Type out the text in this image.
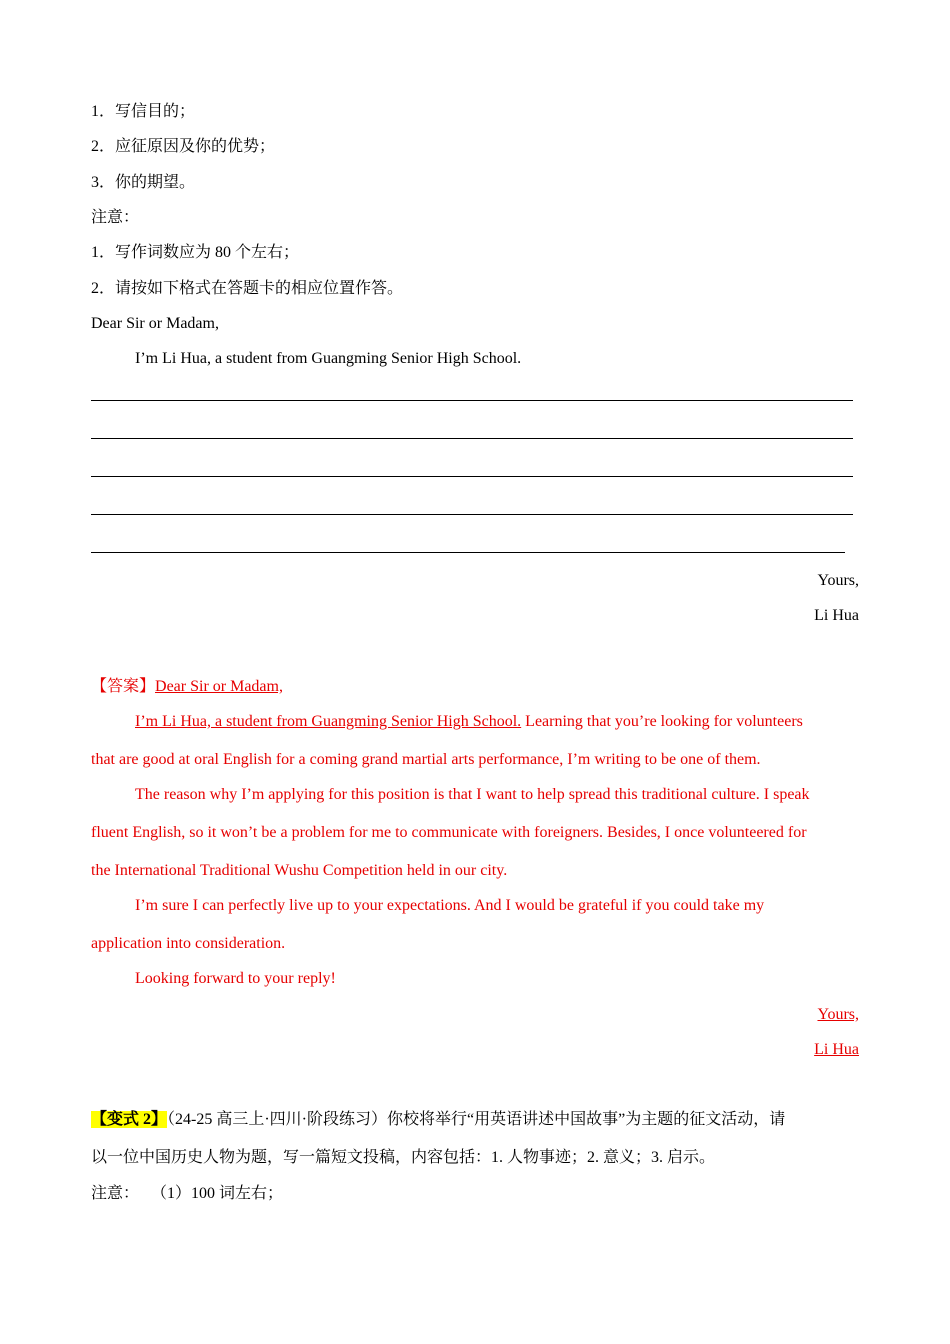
1．写信目的；
2．应征原因及你的优势；
3．你的期望。
注意：
1．写作词数应为 80 个左右；
2．请按如下格式在答题卡的相应位置作答。
Dear Sir or Madam,
I’m Li Hua, a student from Guangming Senior High School.
Yours,
Li Hua
【答案】Dear Sir or Madam,
I’m Li Hua, a student from Guangming Senior High School. Learning that you’re looking for volunteers
that are good at oral English for a coming grand martial arts performance, I’m writing to be one of them.
The reason why I’m applying for this position is that I want to help spread this traditional culture. I speak
fluent English, so it won’t be a problem for me to communicate with foreigners. Besides, I once volunteered for
the International Traditional Wushu Competition held in our city.
I’m sure I can perfectly live up to your expectations. And I would be grateful if you could take my
application into consideration.
Looking forward to your reply!
Yours,
Li Hua
【变式 2】（24-25 高三上·四川·阶段练习）你校将举行“用英语讲述中国故事”为主题的征文活动，请
以一位中国历史人物为题，写一篇短文投稿，内容包括：1. 人物事迹；2. 意义；3. 启示。
注意： （1）100 词左右；
